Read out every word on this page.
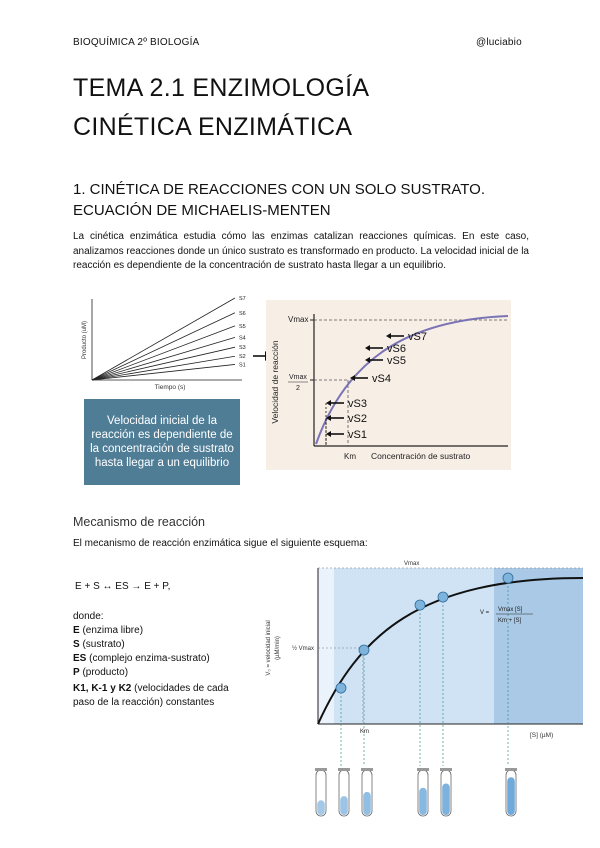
BIOQUÍMICA 2º BIOLOGÍA	@luciabio
TEMA 2.1 ENZIMOLOGÍA
CINÉTICA ENZIMÁTICA
1. CINÉTICA DE REACCIONES CON UN SOLO SUSTRATO.
ECUACIÓN DE MICHAELIS-MENTEN

La cinética enzimática estudia cómo las enzimas catalizan reacciones químicas. En este caso, analizamos reacciones donde un único sustrato es transformado en producto. La velocidad inicial de la reacción es dependiente de la concentración de sustrato hasta llegar a un equilibrio.

S7
S6
S5
S4
S3
S2
S1
Producto (uM)
Tiempo (s)
Vmax
Vmax
2
Km Concentración de sustrato
Velocidad de reacción
vS7
vS6
vS5
vS4
vS3
vS2
vS1
Velocidad inicial de la reacción es dependiente de la concentración de sustrato hasta llegar a un equilibrio
Mecanismo de reacción

El mecanismo de reacción enzimática sigue el siguiente esquema:

E + S ↔ ES → E + P,
donde:
E (enzima libre)
S (sustrato)
ES (complejo enzima-sustrato)
P (producto)
K1, K-1 y K2 (velocidades de cada
paso de la reacción) constantes
Vmax
½ Vmax
Km	[S] (µM)
V₀ = velocidad inicial (µM/min)
V = Vmax [S]
Km + [S]
